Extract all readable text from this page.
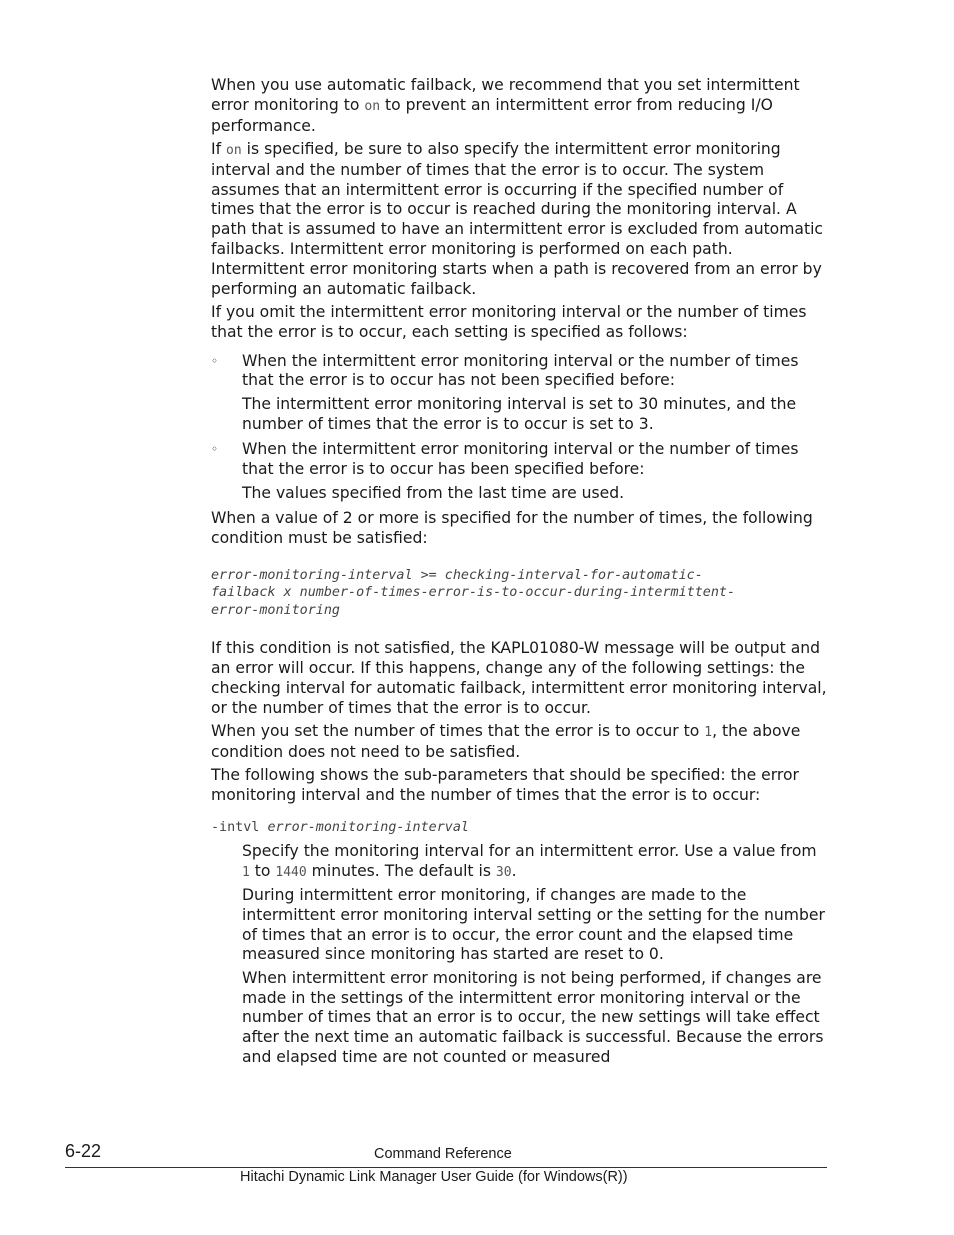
When you use automatic failback, we recommend that you set intermittent error monitoring to on to prevent an intermittent error from reducing I/O performance.

If on is specified, be sure to also specify the intermittent error monitoring interval and the number of times that the error is to occur. The system assumes that an intermittent error is occurring if the specified number of times that the error is to occur is reached during the monitoring interval. A path that is assumed to have an intermittent error is excluded from automatic failbacks. Intermittent error monitoring is performed on each path. Intermittent error monitoring starts when a path is recovered from an error by performing an automatic failback.

If you omit the intermittent error monitoring interval or the number of times that the error is to occur, each setting is specified as follows:

◦ When the intermittent error monitoring interval or the number of times that the error is to occur has not been specified before:

The intermittent error monitoring interval is set to 30 minutes, and the number of times that the error is to occur is set to 3.

◦ When the intermittent error monitoring interval or the number of times that the error is to occur has been specified before:

The values specified from the last time are used.

When a value of 2 or more is specified for the number of times, the following condition must be satisfied:

error-monitoring-interval >= checking-interval-for-automatic-
failback x number-of-times-error-is-to-occur-during-intermittent-
error-monitoring

If this condition is not satisfied, the KAPL01080-W message will be output and an error will occur. If this happens, change any of the following settings: the checking interval for automatic failback, intermittent error monitoring interval, or the number of times that the error is to occur.

When you set the number of times that the error is to occur to 1, the above condition does not need to be satisfied.

The following shows the sub-parameters that should be specified: the error monitoring interval and the number of times that the error is to occur:

-intvl error-monitoring-interval

Specify the monitoring interval for an intermittent error. Use a value from 1 to 1440 minutes. The default is 30.

During intermittent error monitoring, if changes are made to the intermittent error monitoring interval setting or the setting for the number of times that an error is to occur, the error count and the elapsed time measured since monitoring has started are reset to 0.

When intermittent error monitoring is not being performed, if changes are made in the settings of the intermittent error monitoring interval or the number of times that an error is to occur, the new settings will take effect after the next time an automatic failback is successful. Because the errors and elapsed time are not counted or measured

6-22	Command Reference
Hitachi Dynamic Link Manager User Guide (for Windows(R))
